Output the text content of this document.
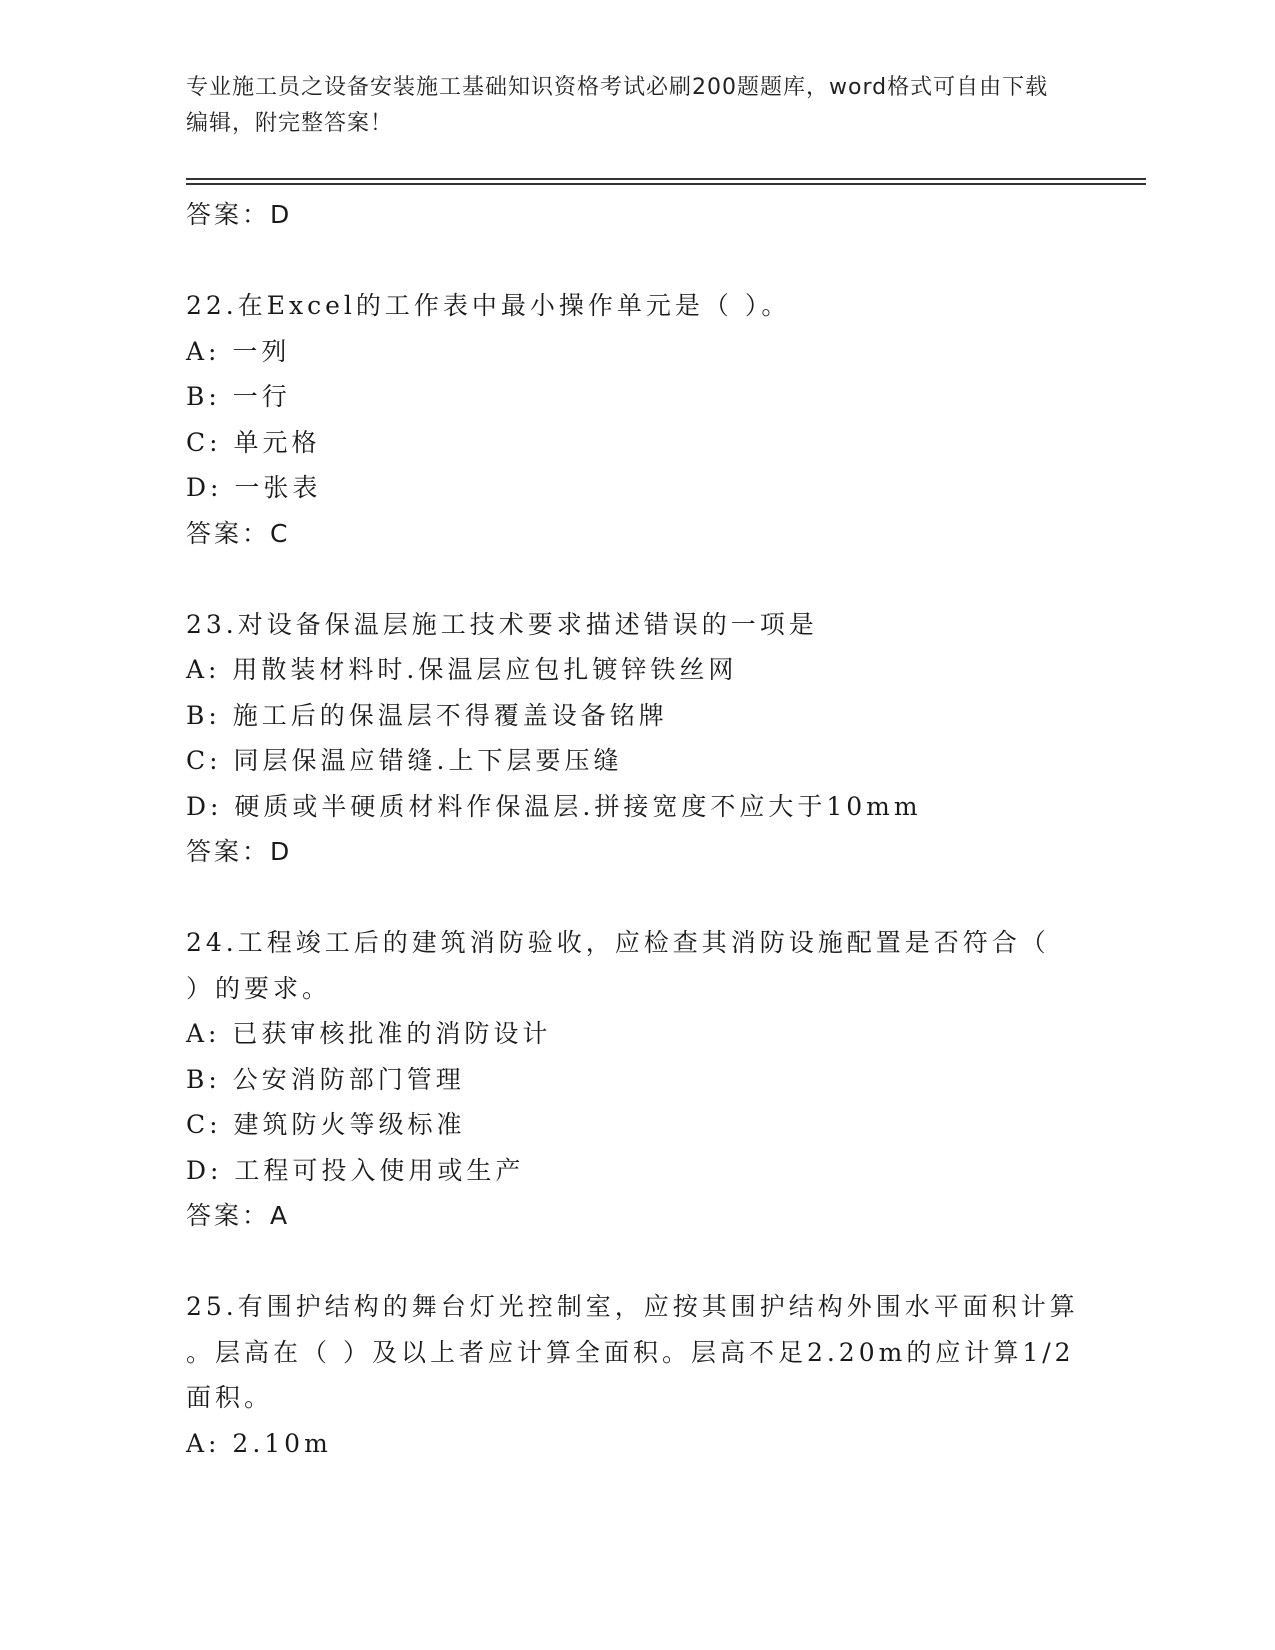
专业施工员之设备安装施工基础知识资格考试必刷200题题库，word格式可自由下载编辑，附完整答案！
答案：D
22.在Excel的工作表中最小操作单元是（ ）。
A: 一列
B: 一行
C: 单元格
D: 一张表
答案：C
23.对设备保温层施工技术要求描述错误的一项是
A: 用散装材料时.保温层应包扎镀锌铁丝网
B: 施工后的保温层不得覆盖设备铭牌
C: 同层保温应错缝.上下层要压缝
D: 硬质或半硬质材料作保温层.拼接宽度不应大于10mm
答案：D
24.工程竣工后的建筑消防验收，应检查其消防设施配置是否符合（
）的要求。
A: 已获审核批准的消防设计
B: 公安消防部门管理
C: 建筑防火等级标准
D: 工程可投入使用或生产
答案：A
25.有围护结构的舞台灯光控制室，应按其围护结构外围水平面积计算
。层高在（ ）及以上者应计算全面积。层高不足2.20m的应计算1/2
面积。
A: 2.10m
